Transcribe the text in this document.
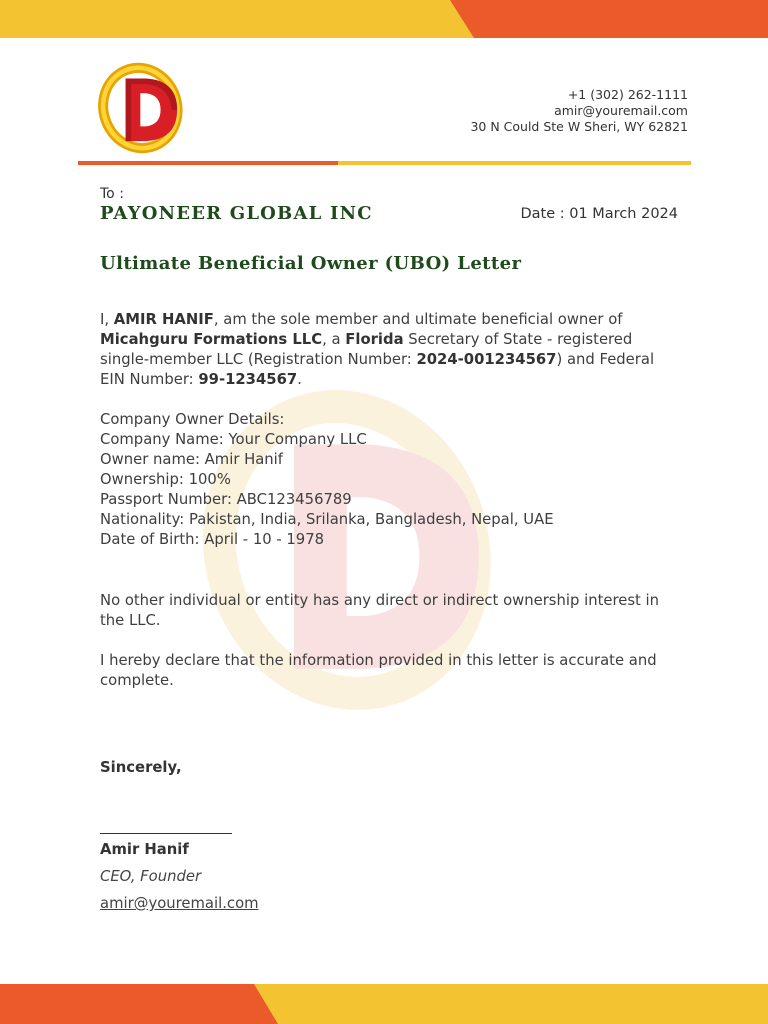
+1 (302) 262-1111
amir@youremail.com
30 N Could Ste W Sheri, WY 62821
To :
PAYONEER GLOBAL INC	Date : 01 March 2024
Ultimate Beneficial Owner (UBO) Letter
I, AMIR HANIF, am the sole member and ultimate beneficial owner of Micahguru Formations LLC, a Florida Secretary of State - registered single-member LLC (Registration Number: 2024-001234567) and Federal EIN Number: 99-1234567.
Company Owner Details:
Company Name: Your Company LLC
Owner name: Amir Hanif
Ownership: 100%
Passport Number: ABC123456789
Nationality: Pakistan, India, Srilanka, Bangladesh, Nepal, UAE
Date of Birth: April - 10 - 1978
No other individual or entity has any direct or indirect ownership interest in the LLC.
I hereby declare that the information provided in this letter is accurate and complete.
Sincerely,
Amir Hanif
CEO, Founder
amir@youremail.com
